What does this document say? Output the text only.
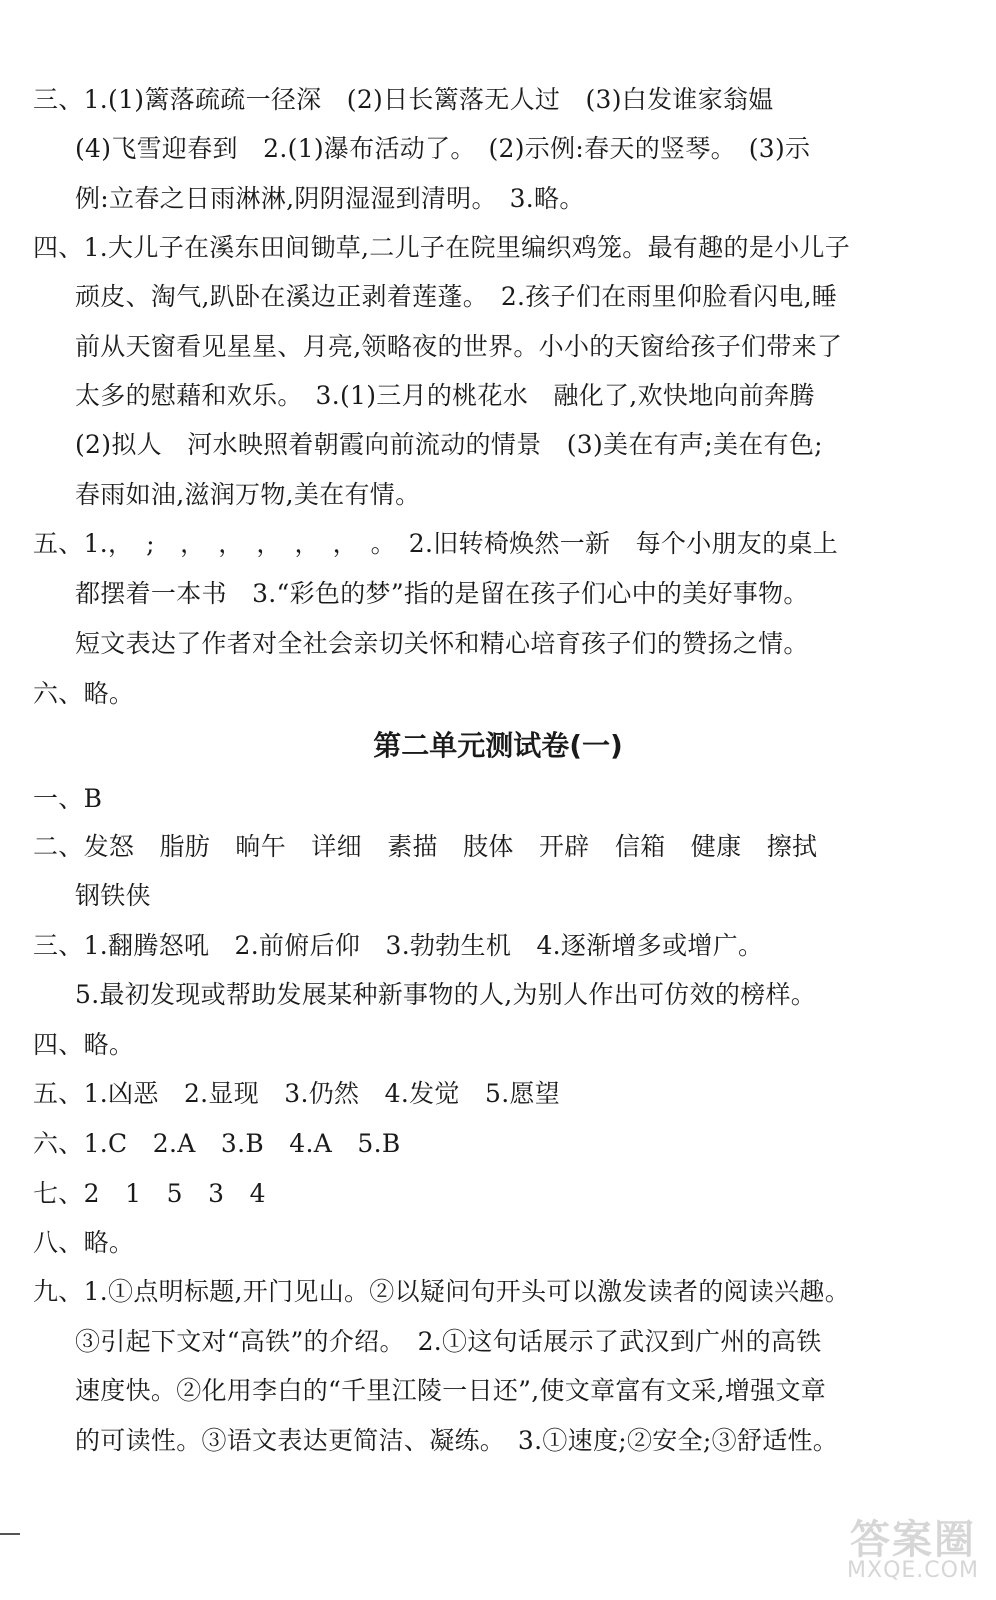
三、1.(1)篱落疏疏一径深　(2)日长篱落无人过　(3)白发谁家翁媪
(4)飞雪迎春到　2.(1)瀑布活动了。　(2)示例:春天的竖琴。　(3)示
例:立春之日雨淋淋,阴阴湿湿到清明。　3.略。
四、1.大儿子在溪东田间锄草,二儿子在院里编织鸡笼。最有趣的是小儿子
顽皮、淘气,趴卧在溪边正剥着莲蓬。　2.孩子们在雨里仰脸看闪电,睡
前从天窗看见星星、月亮,领略夜的世界。小小的天窗给孩子们带来了
太多的慰藉和欢乐。　3.(1)三月的桃花水　融化了,欢快地向前奔腾
(2)拟人　河水映照着朝霞向前流动的情景　(3)美在有声;美在有色;
春雨如油,滋润万物,美在有情。
五、1.，　;　，　，　，　，　，　。　2.旧转椅焕然一新　每个小朋友的桌上
都摆着一本书　3.“彩色的梦”指的是留在孩子们心中的美好事物。
短文表达了作者对全社会亲切关怀和精心培育孩子们的赞扬之情。
六、略。
第二单元测试卷(一)
一、B
二、发怒　脂肪　晌午　详细　素描　肢体　开辟　信箱　健康　擦拭
钢铁侠
三、1.翻腾怒吼　2.前俯后仰　3.勃勃生机　4.逐渐增多或增广。
5.最初发现或帮助发展某种新事物的人,为别人作出可仿效的榜样。
四、略。
五、1.凶恶　2.显现　3.仍然　4.发觉　5.愿望
六、1.C　2.A　3.B　4.A　5.B
七、2　1　5　3　4
八、略。
九、1.①点明标题,开门见山。②以疑问句开头可以激发读者的阅读兴趣。
③引起下文对“高铁”的介绍。　2.①这句话展示了武汉到广州的高铁
速度快。②化用李白的“千里江陵一日还”,使文章富有文采,增强文章
的可读性。③语文表达更简洁、凝练。　3.①速度;②安全;③舒适性。
答案圈
MXQE.COM
